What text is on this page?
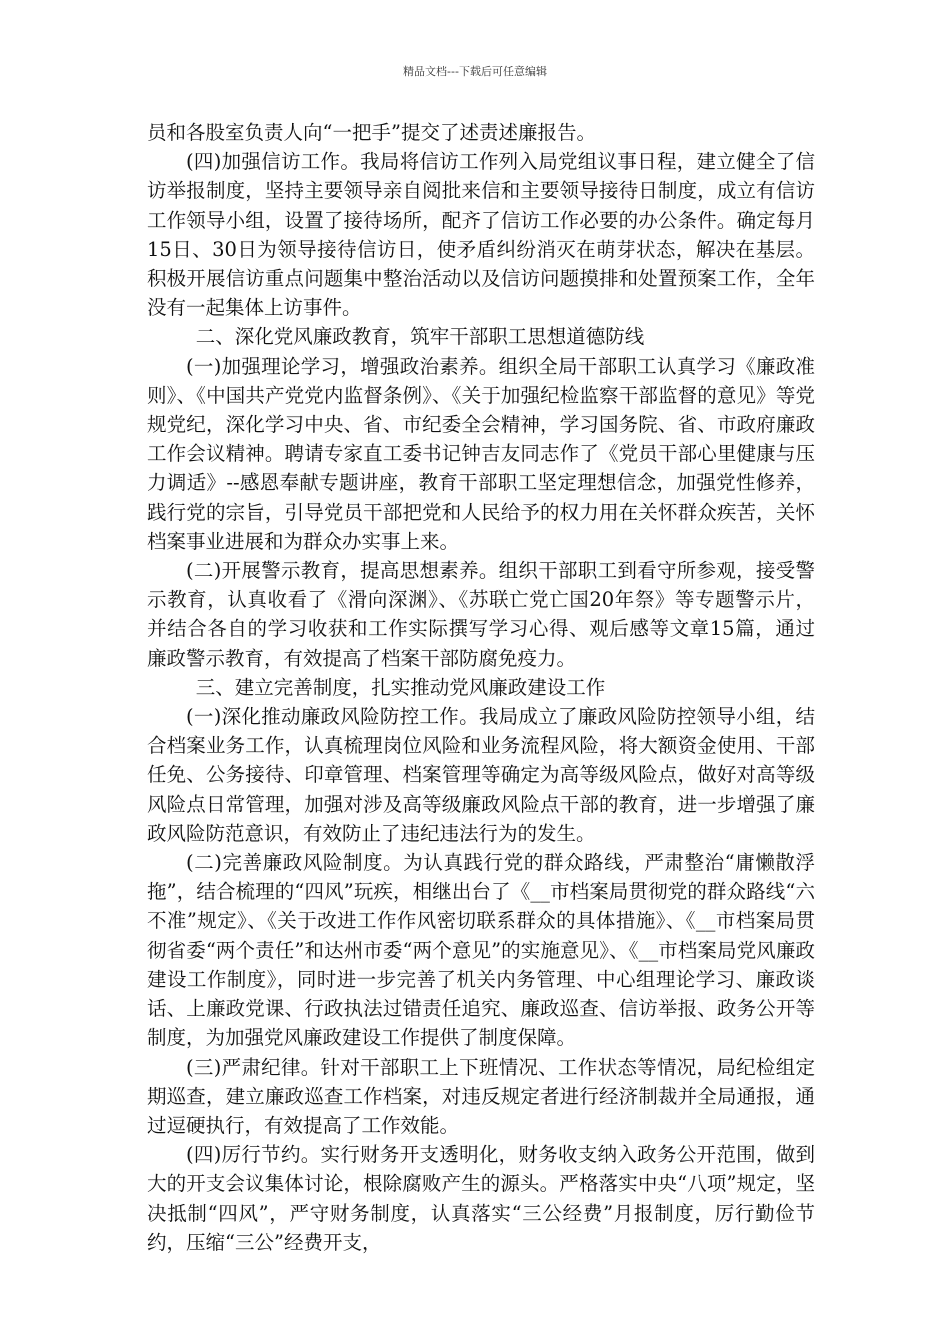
精品文档---下载后可任意编辑

员和各股室负责人向“一把手”提交了述责述廉报告。

(四)加强信访工作。我局将信访工作列入局党组议事日程，建立健全了信访举报制度，坚持主要领导亲自阅批来信和主要领导接待日制度，成立有信访工作领导小组，设置了接待场所，配齐了信访工作必要的办公条件。确定每月15日、30日为领导接待信访日，使矛盾纠纷消灭在萌芽状态，解决在基层。积极开展信访重点问题集中整治活动以及信访问题摸排和处置预案工作，全年没有一起集体上访事件。

二、深化党风廉政教育，筑牢干部职工思想道德防线

(一)加强理论学习，增强政治素养。组织全局干部职工认真学习《廉政准则》、《中国共产党党内监督条例》、《关于加强纪检监察干部监督的意见》等党规党纪，深化学习中央、省、市纪委全会精神，学习国务院、省、市政府廉政工作会议精神。聘请专家直工委书记钟吉友同志作了《党员干部心里健康与压力调适》--感恩奉献专题讲座，教育干部职工坚定理想信念，加强党性修养，践行党的宗旨，引导党员干部把党和人民给予的权力用在关怀群众疾苦，关怀档案事业进展和为群众办实事上来。

(二)开展警示教育，提高思想素养。组织干部职工到看守所参观，接受警示教育，认真收看了《滑向深渊》、《苏联亡党亡国20年祭》等专题警示片，并结合各自的学习收获和工作实际撰写学习心得、观后感等文章15篇，通过廉政警示教育，有效提高了档案干部防腐免疫力。

三、建立完善制度，扎实推动党风廉政建设工作

(一)深化推动廉政风险防控工作。我局成立了廉政风险防控领导小组，结合档案业务工作，认真梳理岗位风险和业务流程风险，将大额资金使用、干部任免、公务接待、印章管理、档案管理等确定为高等级风险点，做好对高等级风险点日常管理，加强对涉及高等级廉政风险点干部的教育，进一步增强了廉政风险防范意识，有效防止了违纪违法行为的发生。

(二)完善廉政风险制度。为认真践行党的群众路线，严肃整治“庸懒散浮拖”，结合梳理的“四风”玩疾，相继出台了《__市档案局贯彻党的群众路线“六不准”规定》、《关于改进工作作风密切联系群众的具体措施》、《__市档案局贯彻省委“两个责任”和达州市委“两个意见”的实施意见》、《__市档案局党风廉政建设工作制度》，同时进一步完善了机关内务管理、中心组理论学习、廉政谈话、上廉政党课、行政执法过错责任追究、廉政巡查、信访举报、政务公开等制度，为加强党风廉政建设工作提供了制度保障。

(三)严肃纪律。针对干部职工上下班情况、工作状态等情况，局纪检组定期巡查，建立廉政巡查工作档案，对违反规定者进行经济制裁并全局通报，通过逗硬执行，有效提高了工作效能。

(四)厉行节约。实行财务开支透明化，财务收支纳入政务公开范围，做到大的开支会议集体讨论，根除腐败产生的源头。严格落实中央“八项”规定，坚决抵制“四风”，严守财务制度，认真落实“三公经费”月报制度，厉行勤俭节约，压缩“三公”经费开支，
